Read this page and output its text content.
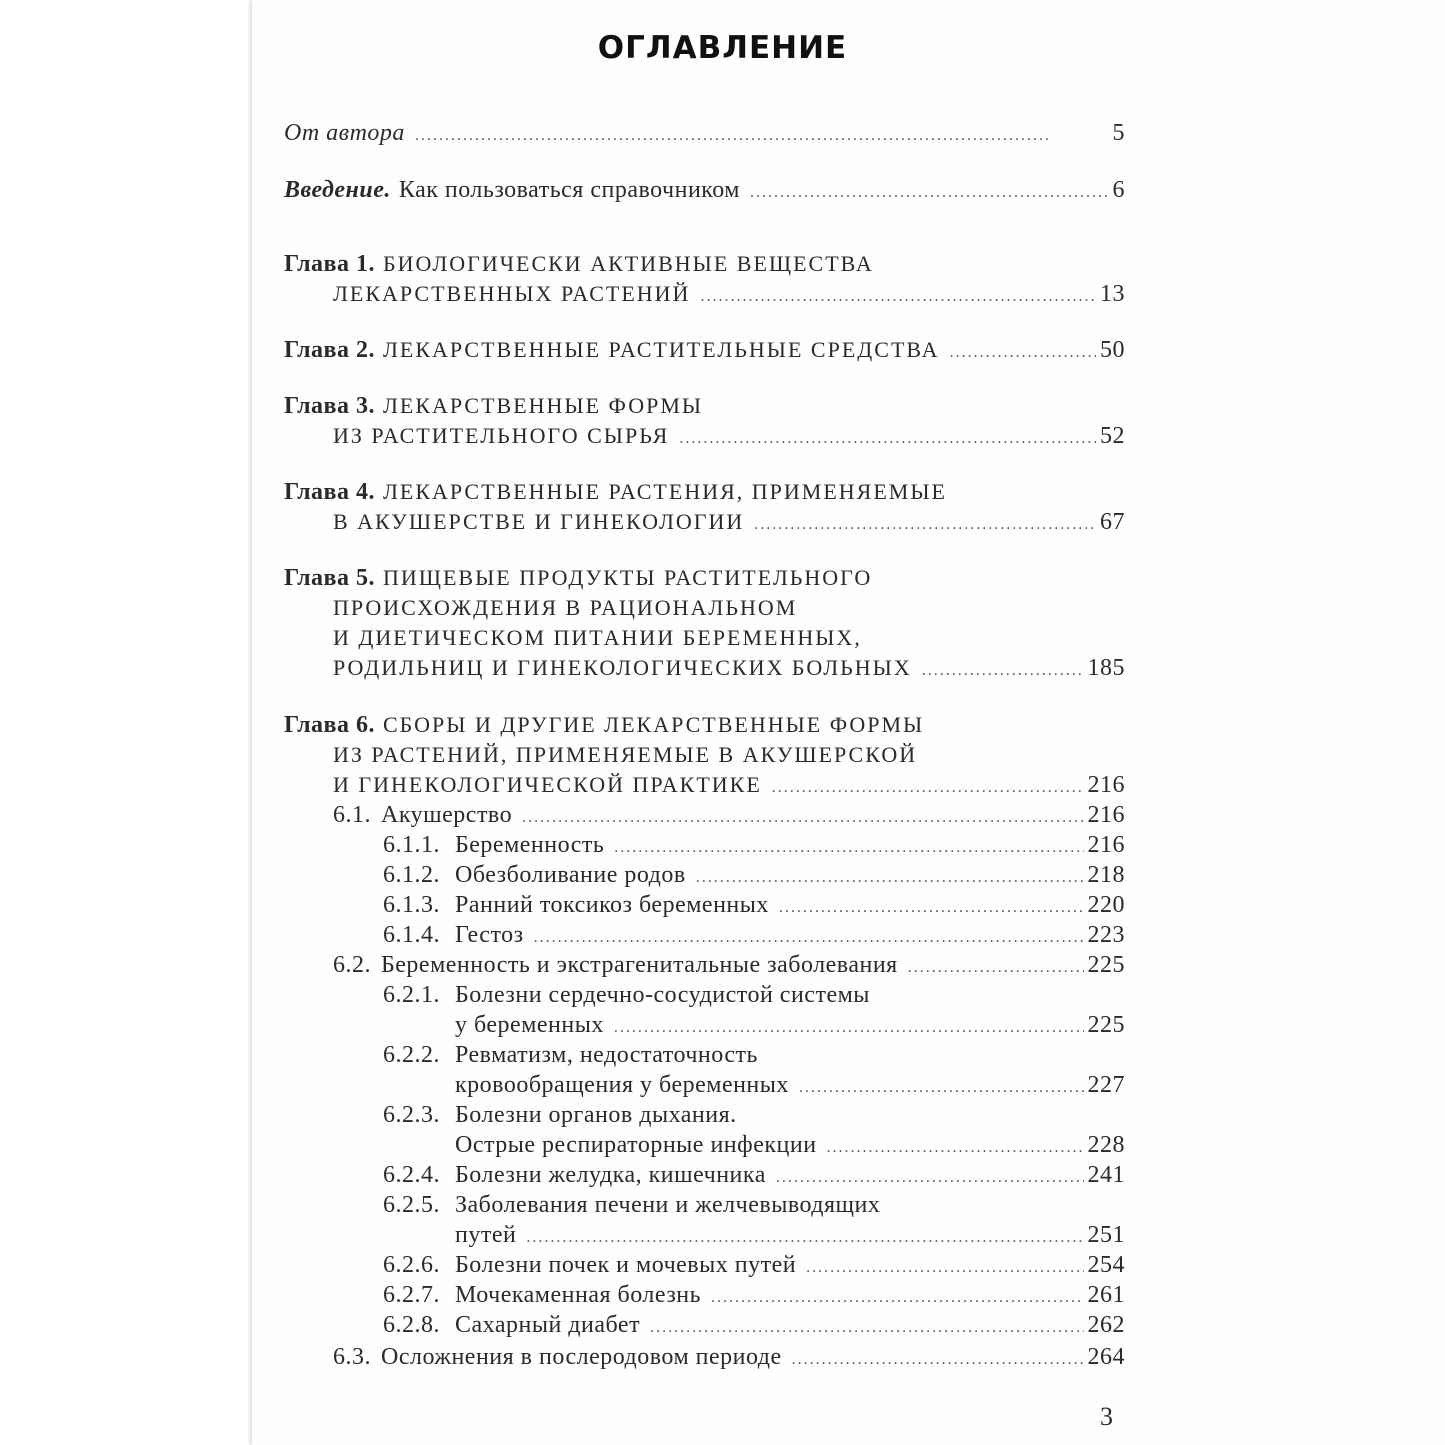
ОГЛАВЛЕНИЕ
От автора . . .	5
Введение. Как пользоваться справочником . . .	6
Глава 1. БИОЛОГИЧЕСКИ АКТИВНЫЕ ВЕЩЕСТВА
ЛЕКАРСТВЕННЫХ РАСТЕНИЙ . . .	13
Глава 2. ЛЕКАРСТВЕННЫЕ РАСТИТЕЛЬНЫЕ СРЕДСТВА . . .	50
Глава 3. ЛЕКАРСТВЕННЫЕ ФОРМЫ
ИЗ РАСТИТЕЛЬНОГО СЫРЬЯ . . .	52
Глава 4. ЛЕКАРСТВЕННЫЕ РАСТЕНИЯ, ПРИМЕНЯЕМЫЕ
В АКУШЕРСТВЕ И ГИНЕКОЛОГИИ . . .	67
Глава 5. ПИЩЕВЫЕ ПРОДУКТЫ РАСТИТЕЛЬНОГО
ПРОИСХОЖДЕНИЯ В РАЦИОНАЛЬНОМ
И ДИЕТИЧЕСКОМ ПИТАНИИ БЕРЕМЕННЫХ,
РОДИЛЬНИЦ И ГИНЕКОЛОГИЧЕСКИХ БОЛЬНЫХ . . .	185
Глава 6. СБОРЫ И ДРУГИЕ ЛЕКАРСТВЕННЫЕ ФОРМЫ
ИЗ РАСТЕНИЙ, ПРИМЕНЯЕМЫЕ В АКУШЕРСКОЙ
И ГИНЕКОЛОГИЧЕСКОЙ ПРАКТИКЕ . . .	216
6.1. Акушерство . . .	216
6.1.1. Беременность . . .	216
6.1.2. Обезболивание родов . . .	218
6.1.3. Ранний токсикоз беременных . . .	220
6.1.4. Гестоз . . .	223
6.2. Беременность и экстрагенитальные заболевания . . .	225
6.2.1. Болезни сердечно-сосудистой системы
у беременных . . .	225
6.2.2. Ревматизм, недостаточность
кровообращения у беременных . . .	227
6.2.3. Болезни органов дыхания.
Острые респираторные инфекции . . .	228
6.2.4. Болезни желудка, кишечника . . .	241
6.2.5. Заболевания печени и желчевыводящих
путей . . .	251
6.2.6. Болезни почек и мочевых путей . . .	254
6.2.7. Мочекаменная болезнь . . .	261
6.2.8. Сахарный диабет . . .	262
6.3. Осложнения в послеродовом периоде . . .	264
3
